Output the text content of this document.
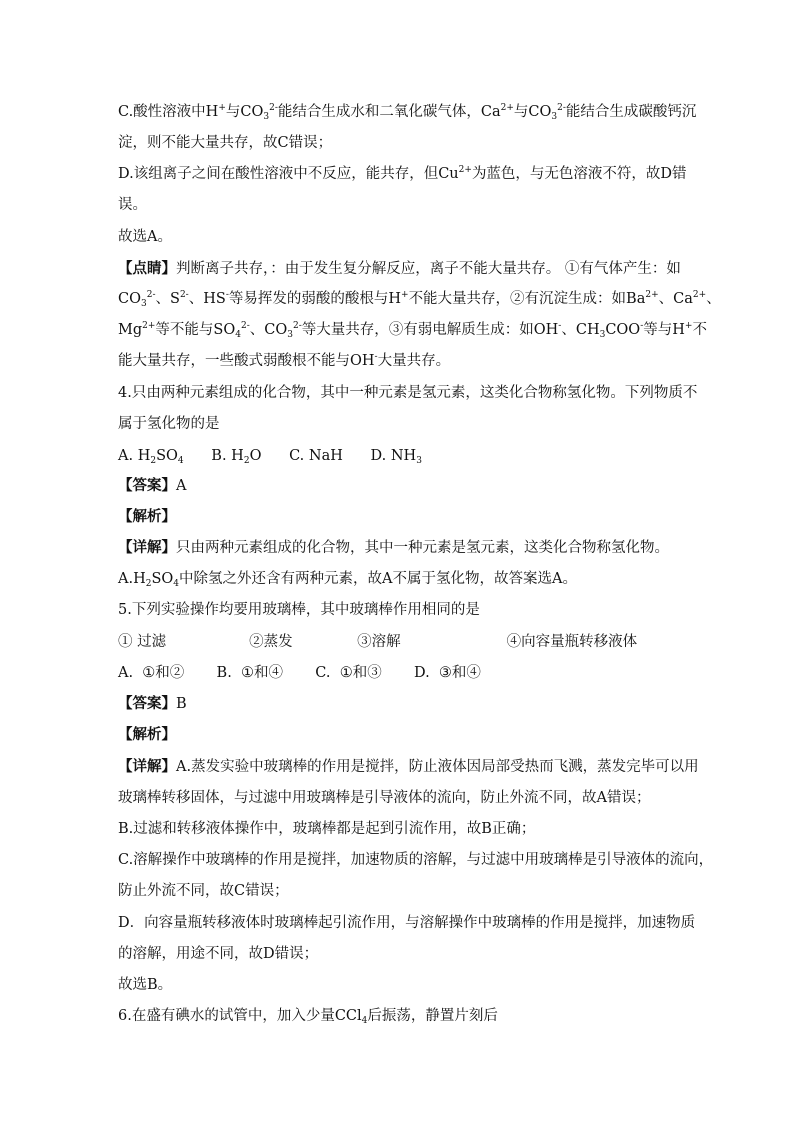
C.酸性溶液中H+与$CO_3^{2-}$能结合生成水和二氧化碳气体，$Ca^{2+}$与$CO_3^{2-}$能结合生成碳酸钙沉
淀，则不能大量共存，故C错误；
D.该组离子之间在酸性溶液中不反应，能共存，但$Cu^{2+}$为蓝色，与无色溶液不符，故D错
误。
故选A。
【点睛】判断离子共存，：由于发生复分解反应，离子不能大量共存。 ①有气体产生：如
$CO_3^{2-}$、$S^{2-}$、HS-等易挥发的弱酸的酸根与H+不能大量共存，②有沉淀生成：如$Ba^{2+}$、$Ca^{2+}$、
$Mg^{2+}$等不能与$SO_4^{2-}$、$CO_3^{2-}$等大量共存，③有弱电解质生成：如OH-、$CH_3COO^-$等与H+不
能大量共存，一些酸式弱酸根不能与OH-大量共存。
4.只由两种元素组成的化合物，其中一种元素是氢元素，这类化合物称氢化物。下列物质不
属于氢化物的是
A. $H_2SO_4$      B. $H_2O$      C. NaH      D. $NH_3$
【答案】A
【解析】
【详解】只由两种元素组成的化合物，其中一种元素是氢元素，这类化合物称氢化物。
$A.H_2SO_4$中除氢之外还含有两种元素，故A不属于氢化物，故答案选A。
5.下列实验操作均要用玻璃棒，其中玻璃棒作用相同的是
① 过滤                  ②蒸发              ③溶解                       ④向容量瓶转移液体
A.  ①和②       B.  ①和④       C.  ①和③       D.  ③和④
【答案】B
【解析】
【详解】A.蒸发实验中玻璃棒的作用是搅拌，防止液体因局部受热而飞溅，蒸发完毕可以用
玻璃棒转移固体，与过滤中用玻璃棒是引导液体的流向，防止外流不同，故A错误；
B.过滤和转移液体操作中，玻璃棒都是起到引流作用，故B正确；
C.溶解操作中玻璃棒的作用是搅拌，加速物质的溶解，与过滤中用玻璃棒是引导液体的流向，
防止外流不同，故C错误；
D．向容量瓶转移液体时玻璃棒起引流作用，与溶解操作中玻璃棒的作用是搅拌，加速物质
的溶解，用途不同，故D错误；
故选B。
6.在盛有碘水的试管中，加入少量CCl$_4$后振荡，静置片刻后
